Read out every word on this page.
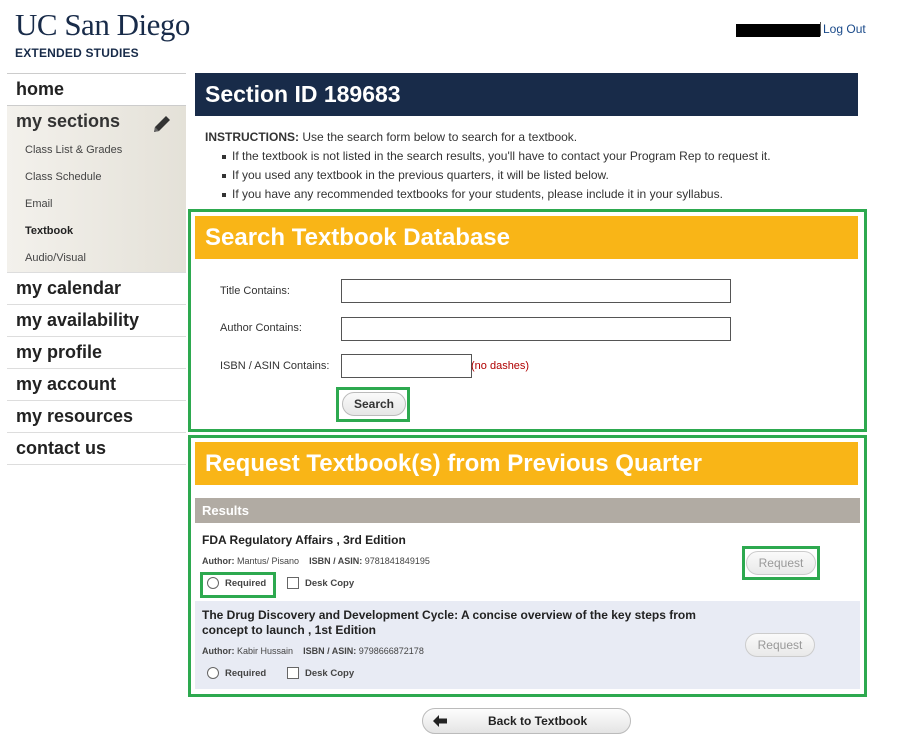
UC San Diego
EXTENDED STUDIES
Log Out
home
my sections
Class List & Grades
Class Schedule
Email
Textbook
Audio/Visual
my calendar
my availability
my profile
my account
my resources
contact us
Section ID 189683
INSTRUCTIONS: Use the search form below to search for a textbook.
If the textbook is not listed in the search results, you'll have to contact your Program Rep to request it.
If you used any textbook in the previous quarters, it will be listed below.
If you have any recommended textbooks for your students, please include it in your syllabus.
Search Textbook Database
Title Contains:
Author Contains:
ISBN / ASIN Contains:	(no dashes)
Search
Request Textbook(s) from Previous Quarter
Results
FDA Regulatory Affairs , 3rd Edition
Author: Mantus/ Pisano ISBN / ASIN: 9781841849195
Required	Desk Copy
Request
The Drug Discovery and Development Cycle: A concise overview of the key steps from concept to launch , 1st Edition
Author: Kabir Hussain ISBN / ASIN: 9798666872178
Required	Desk Copy
Request
Back to Textbook
